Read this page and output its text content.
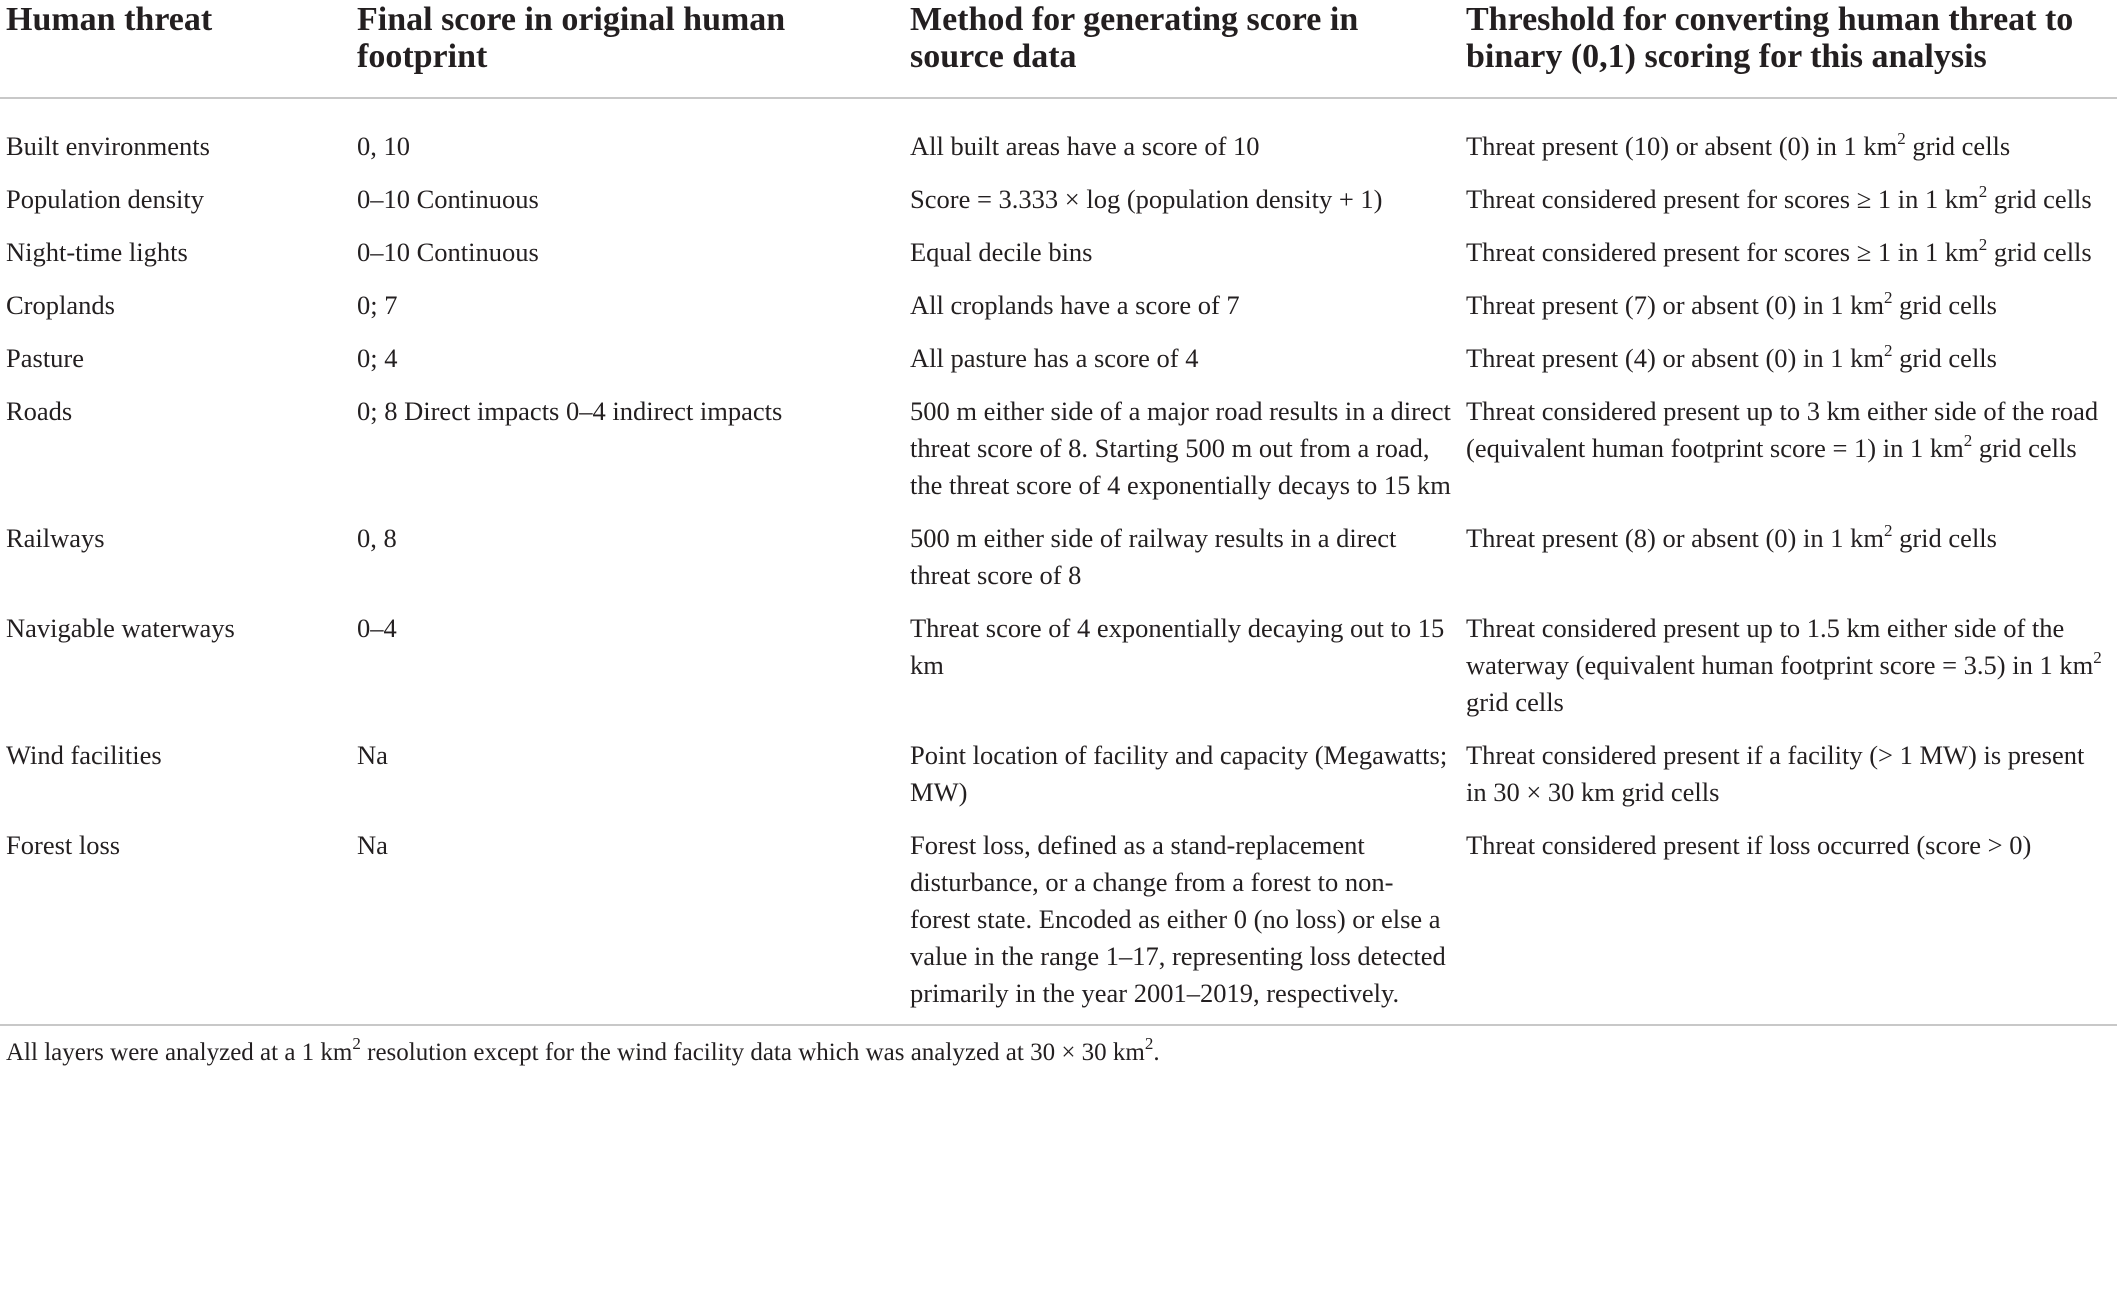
Human threat	Final score in original human footprint	Method for generating score in source data	Threshold for converting human threat to binary (0,1) scoring for this analysis
Built environments	0, 10	All built areas have a score of 10	Threat present (10) or absent (0) in 1 $km^2$ grid cells
Population density	0–10 Continuous	Score = 3.333 × log (population density + 1)	Threat considered present for scores ≥ 1 in 1 $km^2$ grid cells
Night-time lights	0–10 Continuous	Equal decile bins	Threat considered present for scores ≥ 1 in 1 $km^2$ grid cells
Croplands	0; 7	All croplands have a score of 7	Threat present (7) or absent (0) in 1 $km^2$ grid cells
Pasture	0; 4	All pasture has a score of 4	Threat present (4) or absent (0) in 1 $km^2$ grid cells
Roads	0; 8 Direct impacts 0–4 indirect impacts	500 m either side of a major road results in a direct threat score of 8. Starting 500 m out from a road, the threat score of 4 exponentially decays to 15 km	Threat considered present up to 3 km either side of the road (equivalent human footprint score = 1) in 1 $km^2$ grid cells
Railways	0, 8	500 m either side of railway results in a direct threat score of 8	Threat present (8) or absent (0) in 1 $km^2$ grid cells
Navigable waterways	0–4	Threat score of 4 exponentially decaying out to 15 km	Threat considered present up to 1.5 km either side of the waterway (equivalent human footprint score = 3.5) in 1 $km^2$ grid cells
Wind facilities	Na	Point location of facility and capacity (Megawatts; MW)	Threat considered present if a facility (> 1 MW) is present in 30 × 30 km grid cells
Forest loss	Na	Forest loss, defined as a stand-replacement disturbance, or a change from a forest to non-forest state. Encoded as either 0 (no loss) or else a value in the range 1–17, representing loss detected primarily in the year 2001–2019, respectively.	Threat considered present if loss occurred (score > 0)
All layers were analyzed at a 1 $km^2$ resolution except for the wind facility data which was analyzed at 30 × 30 $km^2$.
